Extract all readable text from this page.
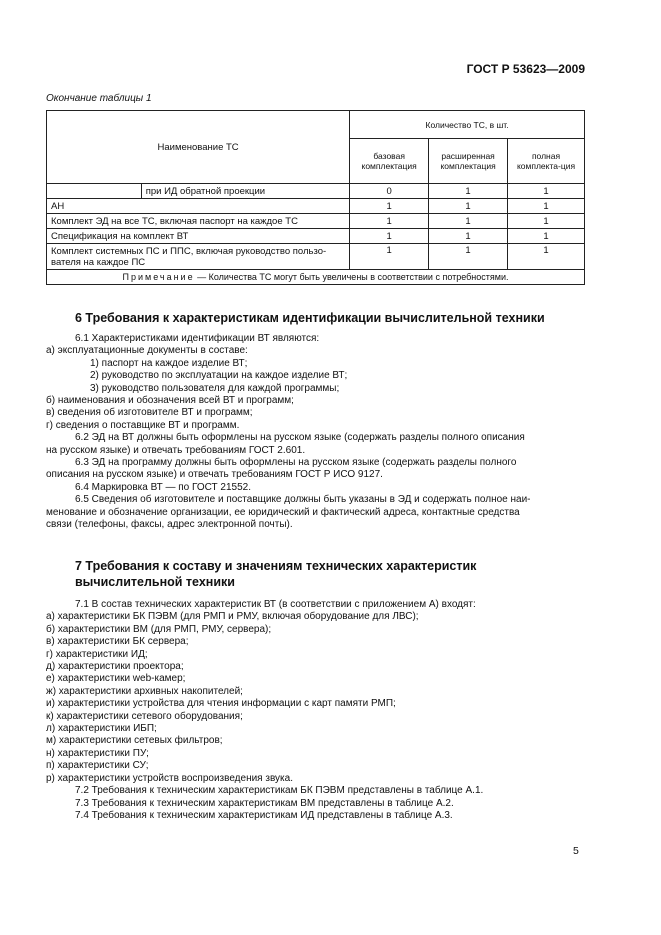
ГОСТ Р 53623—2009
Окончание таблицы 1
Наименование ТС		Количество ТС, в шт.		
		базовая комплектация	расширенная комплектация	полная комплекта-ция
	при ИД обратной проекции	0	1	1
АН		1	1	1
Комплект ЭД на все ТС, включая паспорт на каждое ТС		1	1	1
Спецификация на комплект ВТ		1	1	1
Комплект системных ПС и ППС, включая руководство пользо-вателя на каждое ПС		1	1	1
Примечание — Количества ТС могут быть увеличены в соответствии с потребностями.				
6 Требования к характеристикам идентификации вычислительной техники

6.1 Характеристиками идентификации ВТ являются:

а) эксплуатационные документы в составе:

1) паспорт на каждое изделие ВТ;

2) руководство по эксплуатации на каждое изделие ВТ;

3) руководство пользователя для каждой программы;

б) наименования и обозначения всей ВТ и программ;

в) сведения об изготовителе ВТ и программ;

г) сведения о поставщике ВТ и программ.

6.2 ЭД на ВТ должны быть оформлены на русском языке (содержать разделы полного описания

на русском языке) и отвечать требованиям ГОСТ 2.601.

6.3 ЭД на программу должны быть оформлены на русском языке (содержать разделы полного

описания на русском языке) и отвечать требованиям ГОСТ Р ИСО 9127.

6.4 Маркировка ВТ — по ГОСТ 21552.

6.5 Сведения об изготовителе и поставщике должны быть указаны в ЭД и содержать полное наи-

менование и обозначение организации, ее юридический и фактический адреса, контактные средства

связи (телефоны, факсы, адрес электронной почты).

7 Требования к составу и значениям технических характеристик
вычислительной техники

7.1 В состав технических характеристик ВТ (в соответствии с приложением А) входят:

а) характеристики БК ПЭВМ (для РМП и РМУ, включая оборудование для ЛВС);

б) характеристики ВМ (для РМП, РМУ, сервера);

в) характеристики БК сервера;

г) характеристики ИД;

д) характеристики проектора;

е) характеристики web-камер;

ж) характеристики архивных накопителей;

и) характеристики устройства для чтения информации с карт памяти РМП;

к) характеристики сетевого оборудования;

л) характеристики ИБП;

м) характеристики сетевых фильтров;

н) характеристики ПУ;

п) характеристики СУ;

р) характеристики устройств воспроизведения звука.

7.2 Требования к техническим характеристикам БК ПЭВМ представлены в таблице А.1.

7.3 Требования к техническим характеристикам ВМ представлены в таблице А.2.

7.4 Требования к техническим характеристикам ИД представлены в таблице А.3.

5
